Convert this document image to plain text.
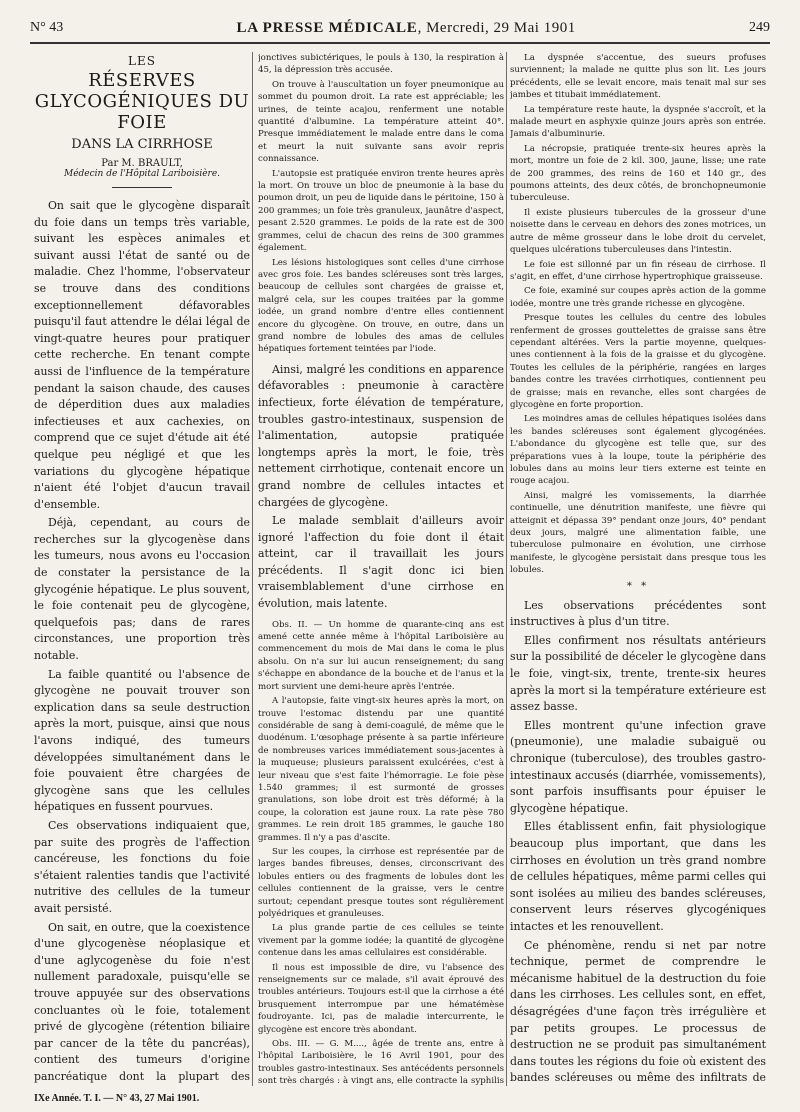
N° 43	LA PRESSE MÉDICALE, Mercredi, 29 Mai 1901	249
LES
RÉSERVES GLYCOGÉNIQUES DU FOIE
DANS LA CIRRHOSE
Par M. BRAULT,
Médecin de l'Hôpital Lariboisière.

On sait que le glycogène disparaît du foie dans un temps très variable, suivant les espèces animales et suivant aussi l'état de santé ou de maladie. Chez l'homme, l'observateur se trouve dans des conditions exceptionnellement défavorables puisqu'il faut attendre le délai légal de vingt-quatre heures pour pratiquer cette recherche. En tenant compte aussi de l'influence de la température pendant la saison chaude, des causes de déperdition dues aux maladies infectieuses et aux cachexies, on comprend que ce sujet d'étude ait été quelque peu négligé et que les variations du glycogène hépatique n'aient été l'objet d'aucun travail d'ensemble.

Déjà, cependant, au cours de recherches sur la glycogenèse dans les tumeurs, nous avons eu l'occasion de constater la persistance de la glycogénie hépatique. Le plus souvent, le foie contenait peu de glycogène, quelquefois pas; dans de rares circonstances, une proportion très notable.

La faible quantité ou l'absence de glycogène ne pouvait trouver son explication dans sa seule destruction après la mort, puisque, ainsi que nous l'avons indiqué, des tumeurs développées simultanément dans le foie pouvaient être chargées de glycogène sans que les cellules hépatiques en fussent pourvues.

Ces observations indiquaient que, par suite des progrès de l'affection cancéreuse, les fonctions du foie s'étaient ralenties tandis que l'activité nutritive des cellules de la tumeur avait persisté.

On sait, en outre, que la coexistence d'une glycogenèse néoplasique et d'une aglycogenèse du foie n'est nullement paradoxale, puisqu'elle se trouve appuyée sur des observations concluantes où le foie, totalement privé de glycogène (rétention biliaire par cancer de la tête du pancréas), contient des tumeurs d'origine pancréatique dont la plupart des

jonctives subictériques, le pouls à 130, la respiration à 45, la dépression très accusée.

On trouve à l'auscultation un foyer pneumonique au sommet du poumon droit. La rate est appréciable; les urines, de teinte acajou, renferment une notable quantité d'albumine. La température atteint 40°. Presque immédiatement le malade entre dans le coma et meurt la nuit suivante sans avoir repris connaissance.

L'autopsie est pratiquée environ trente heures après la mort. On trouve un bloc de pneumonie à la base du poumon droit, un peu de liquide dans le péritoine, 150 à 200 grammes; un foie très granuleux, jaunâtre d'aspect, pesant 2.520 grammes. Le poids de la rate est de 300 grammes, celui de chacun des reins de 300 grammes également.

Les lésions histologiques sont celles d'une cirrhose avec gros foie. Les bandes scléreuses sont très larges, beaucoup de cellules sont chargées de graisse et, malgré cela, sur les coupes traitées par la gomme iodée, un grand nombre d'entre elles contiennent encore du glycogène. On trouve, en outre, dans un grand nombre de lobules des amas de cellules hépatiques fortement teintées par l'iode.

Ainsi, malgré les conditions en apparence défavorables : pneumonie à caractère infectieux, forte élévation de température, troubles gastro-intestinaux, suspension de l'alimentation, autopsie pratiquée longtemps après la mort, le foie, très nettement cirrhotique, contenait encore un grand nombre de cellules intactes et chargées de glycogène.

Le malade semblait d'ailleurs avoir ignoré l'affection du foie dont il était atteint, car il travaillait les jours précédents. Il s'agit donc ici bien vraisemblablement d'une cirrhose en évolution, mais latente.

Obs. II. — Un homme de quarante-cinq ans est amené cette année même à l'hôpital Lariboisière au commencement du mois de Mai dans le coma le plus absolu. On n'a sur lui aucun renseignement; du sang s'échappe en abondance de la bouche et de l'anus et la mort survient une demi-heure après l'entrée.

A l'autopsie, faite vingt-six heures après la mort, on trouve l'estomac distendu par une quantité considérable de sang à demi-coagulé, de même que le duodénum. L'œsophage présente à sa partie inférieure de nombreuses varices immédiatement sous-jacentes à la muqueuse; plusieurs paraissent exulcérées, c'est à leur niveau que s'est faite l'hémorragie. Le foie pèse 1.540 grammes; il est surmonté de grosses granulations, son lobe droit est très déformé; à la coupe, la coloration est jaune roux. La rate pèse 780 grammes. Le rein droit 185 grammes, le gauche 180 grammes. Il n'y a pas d'ascite.

Sur les coupes, la cirrhose est représentée par de larges bandes fibreuses, denses, circonscrivant des lobules entiers ou des fragments de lobules dont les cellules contiennent de la graisse, vers le centre surtout; cependant presque toutes sont régulièrement polyédriques et granuleuses.

La plus grande partie de ces cellules se teinte vivement par la gomme iodée; la quantité de glycogène contenue dans les amas cellulaires est considérable.

Il nous est impossible de dire, vu l'absence des renseignements sur ce malade, s'il avait éprouvé des troubles antérieurs. Toujours est-il que la cirrhose a été brusquement interrompue par une hématémèse foudroyante. Ici, pas de maladie intercurrente, le glycogène est encore très abondant.

Obs. III. — G. M...., âgée de trente ans, entre à l'hôpital Lariboisière, le 16 Avril 1901, pour des troubles gastro-intestinaux. Ses antécédents personnels sont très chargés : à vingt ans, elle contracte la syphilis

La dyspnée s'accentue, des sueurs profuses surviennent; la malade ne quitte plus son lit. Les jours précédents, elle se levait encore, mais tenait mal sur ses jambes et titubait immédiatement.

La température reste haute, la dyspnée s'accroît, et la malade meurt en asphyxie quinze jours après son entrée. Jamais d'albuminurie.

La nécropsie, pratiquée trente-six heures après la mort, montre un foie de 2 kil. 300, jaune, lisse; une rate de 200 grammes, des reins de 160 et 140 gr., des poumons atteints, des deux côtés, de bronchopneumonie tuberculeuse.

Il existe plusieurs tubercules de la grosseur d'une noisette dans le cerveau en dehors des zones motrices, un autre de même grosseur dans le lobe droit du cervelet, quelques ulcérations tuberculeuses dans l'intestin.

Le foie est sillonné par un fin réseau de cirrhose. Il s'agit, en effet, d'une cirrhose hypertrophique graisseuse.

Ce foie, examiné sur coupes après action de la gomme iodée, montre une très grande richesse en glycogène.

Presque toutes les cellules du centre des lobules renferment de grosses gouttelettes de graisse sans être cependant altérées. Vers la partie moyenne, quelques-unes contiennent à la fois de la graisse et du glycogène. Toutes les cellules de la périphérie, rangées en larges bandes contre les travées cirrhotiques, contiennent peu de graisse; mais en revanche, elles sont chargées de glycogène en forte proportion.

Les moindres amas de cellules hépatiques isolées dans les bandes scléreuses sont également glycogénées. L'abondance du glycogène est telle que, sur des préparations vues à la loupe, toute la périphérie des lobules dans au moins leur tiers externe est teinte en rouge acajou.

Ainsi, malgré les vomissements, la diarrhée continuelle, une dénutrition manifeste, une fièvre qui atteignit et dépassa 39° pendant onze jours, 40° pendant deux jours, malgré une alimentation faible, une tuberculose pulmonaire en évolution, une cirrhose manifeste, le glycogène persistait dans presque tous les lobules.

* *

Les observations précédentes sont instructives à plus d'un titre.

Elles confirment nos résultats antérieurs sur la possibilité de déceler le glycogène dans le foie, vingt-six, trente, trente-six heures après la mort si la température extérieure est assez basse.

Elles montrent qu'une infection grave (pneumonie), une maladie subaiguë ou chronique (tuberculose), des troubles gastro-intestinaux accusés (diarrhée, vomissements), sont parfois insuffisants pour épuiser le glycogène hépatique.

Elles établissent enfin, fait physiologique beaucoup plus important, que dans les cirrhoses en évolution un très grand nombre de cellules hépatiques, même parmi celles qui sont isolées au milieu des bandes scléreuses, conservent leurs réserves glycogéniques intactes et les renouvellent.

Ce phénomène, rendu si net par notre technique, permet de comprendre le mécanisme habituel de la destruction du foie dans les cirrhoses. Les cellules sont, en effet, désagrégées d'une façon très irrégulière et par petits groupes. Le processus de destruction ne se produit pas simultanément dans toutes les régions du foie où existent des bandes scléreuses ou même des infiltrats de

IXe Année. T. I. — N° 43, 27 Mai 1901.
